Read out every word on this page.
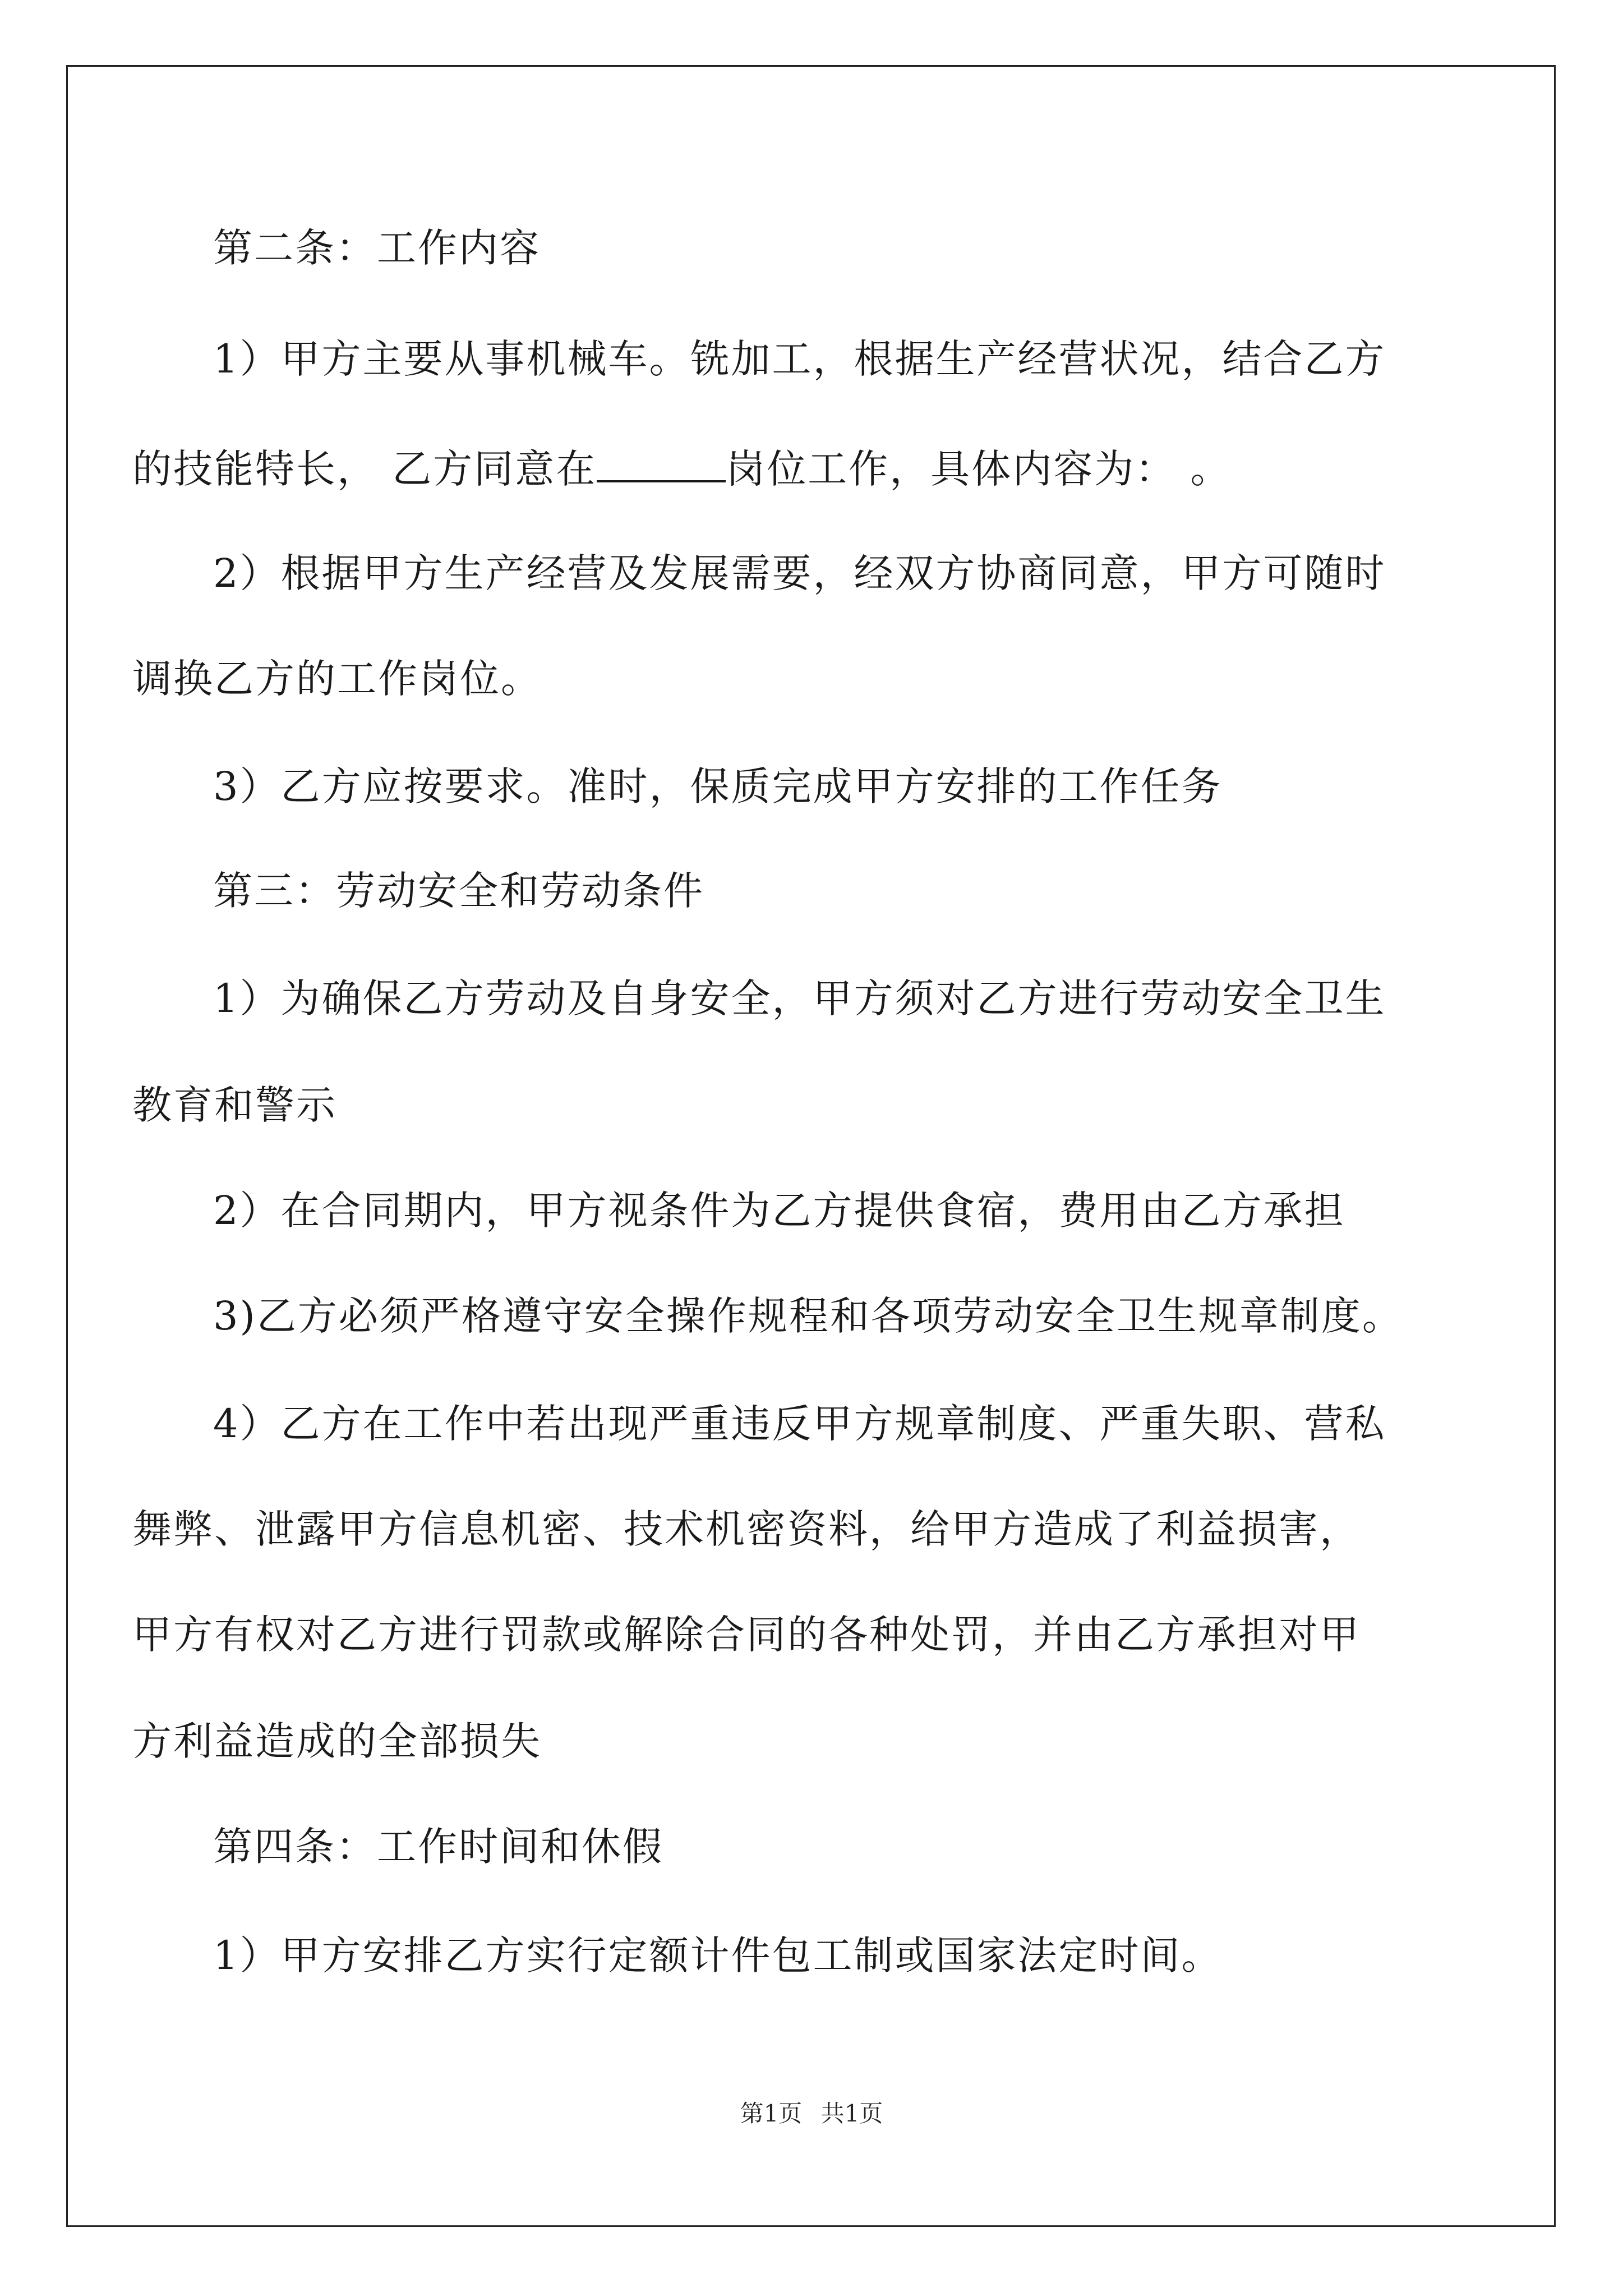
第二条：工作内容
1）甲方主要从事机械车。铣加工，根据生产经营状况，结合乙方
的技能特长， 乙方同意在	岗位工作，具体内容为： 。
2）根据甲方生产经营及发展需要，经双方协商同意，甲方可随时
调换乙方的工作岗位。
3）乙方应按要求。准时，保质完成甲方安排的工作任务
第三：劳动安全和劳动条件
1）为确保乙方劳动及自身安全，甲方须对乙方进行劳动安全卫生
教育和警示
2）在合同期内，甲方视条件为乙方提供食宿，费用由乙方承担
3)乙方必须严格遵守安全操作规程和各项劳动安全卫生规章制度。
4）乙方在工作中若出现严重违反甲方规章制度、严重失职、营私
舞弊、泄露甲方信息机密、技术机密资料，给甲方造成了利益损害，
甲方有权对乙方进行罚款或解除合同的各种处罚，并由乙方承担对甲
方利益造成的全部损失
第四条：工作时间和休假
1）甲方安排乙方实行定额计件包工制或国家法定时间。
第1页 共1页
